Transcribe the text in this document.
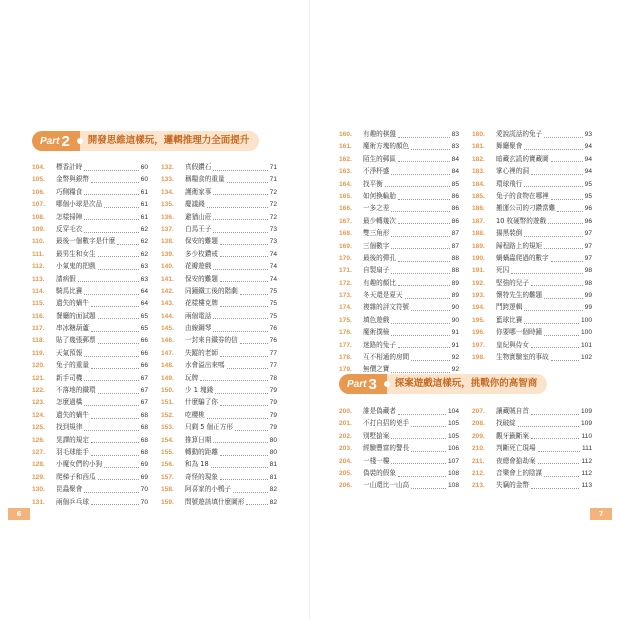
Part 2	開發思維這樣玩，邏輯推理力全面提升
104.	標香計時	60
105.	金幣與銀幣	60
106.	巧側糧食	61
107.	哪個小球是次品	61
108.	怎樣掃陣	61
109.	反穿毛衣	62
110.	最後一個數字是什麼	62
111.	最男生和女生	62
112.	小氣鬼的把戲	63
113.	請病假	63
114.	騎馬比賽	64
115.	遺失的蝸牛	64
116.	餐廳的面試題	65
117.	串冰糖葫蘆	65
118.	貼了幾張郵票	66
119.	天氣預報	66
120.	兔子的重量	66
121.	新手司機	67
122.	不落地的鐵環	67
123.	怎麼過橋	67
124.	遺失的蝸牛	68
125.	找到規律	68
126.	晃譯的規定	68
127.	羽毛球能手	68
128.	小魔女們的小狗	69
129.	爬梯子和西瓜	69
130.	昆蟲聚會	70
131.	兩個乒乓球	70
132.	真假鑽石	71
133.	稱糧食的重量	71
134.	護衛家事	72
135.	慶議錢	72
136.	避猶山莊	72
137.	白馬王子	73
138.	保安的難題	73
139.	多少枚鑽戒	74
140.	花瓣遊戲	74
141.	保安的難題	74
142.	同鐘鐵工後的階劇	75
143.	花樣樓克牌	75
144.	兩個電話	75
145.	由線鋼琴	76
146.	一封來自鐵券的信	76
147.	失蹤的老師	77
148.	水會溢出來嗎	77
149.	玩牌	78
150.	少 1 塊錢	79
151.	什麼騙了你	79
152.	吃櫻桃	79
153.	只剩 5 個正方形	79
154.	推算日期	80
155.	轉動的距離	80
156.	和為 18	81
157.	奇怪的現象	81
158.	阿喜家的小鴨子	82
159.	問號遊該填什麼圖形	82
160.	有趣的棋盤	83
161.	魔術方塊的顏色	83
162.	陌生的郵區	84
163.	不淨杯盛	84
164.	找平衡	85
165.	如何換輪胎	86
166.	一多之差	86
167.	最少轉幾次	86
168.	雙三角形	87
169.	三個數字	87
170.	最後的彈孔	88
171.	自製扇子	88
172.	有趣的顏比	89
173.	冬天還是夏天	89
174.	複雜的評文符號	90
175.	填色遊戲	90
176.	魔術撲檢	91
177.	迷路的兔子	91
178.	互不相通的房間	92
179.	無價之寶	92
180.	愛說謊話的兔子	93
181.	舞廳聚會	94
182.	暗藏玄謊的寶藏圖	94
183.	掌心裡的洞	94
184.	環球飛行	95
185.	兔子的食物在哪裡	95
186.	搬運公司的刁鑽當難	96
187.	10 枚硬幣的遊戲	96
188.	揚黑裝倒	97
189.	歸程路上的規矩	97
190.	蝸蝸蟲爬過的數字	97
191.	死囚	98
192.	堅強的兒子	98
193.	懷特先生的難題	99
194.	鬥跨逻輯	99
195.	籃球比賽	100
196.	你要哪一個時鐘	100
197.	皇紀與侍女	101
198.	生物實驗室的事故	102
Part 3	探案遊戲這樣玩，挑戰你的高智商
200.	誰是偽藏者	104
201.	不打自招的兇手	105
202.	別墅搶案	105
203.	經驗豐富的警長	106
204.	一棧一樓	107
205.	偽裝的假象	108
206.	一山還比一山高	108
207.	讓藏賊自首	109
208.	找破綻	109
209.	觀牙籤斷案	110
210.	判斷死亡現場	111
211.	夜總會搶劫案	112
212.	音樂會上的陰謀	112
213.	失竊的金幣	113
6	7
